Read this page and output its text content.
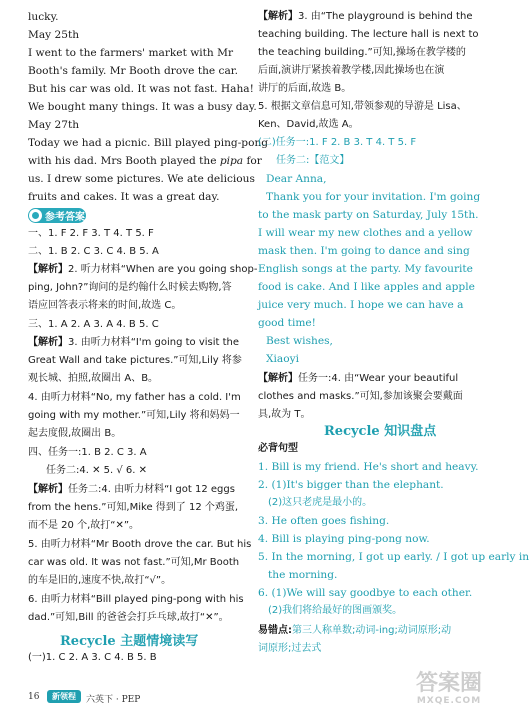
lucky.
May 25th
I went to the farmers' market with Mr
Booth's family. Mr Booth drove the car.
But his car was old. It was not fast. Haha!
We bought many things. It was a busy day.
May 27th
Today we had a picnic. Bill played ping-pong
with his dad. Mrs Booth played the pipa for
us. I drew some pictures. We ate delicious
fruits and cakes. It was a great day.
参考答案
一、1. F 2. F 3. T 4. T 5. F
二、1. B 2. C 3. C 4. B 5. A
【解析】2. 听力材料“When are you going shop-
ping, John?”询问的是约翰什么时候去购物,答
语应回答表示将来的时间,故选 C。
三、1. A 2. A 3. A 4. B 5. C
【解析】3. 由听力材料“I'm going to visit the
Great Wall and take pictures.”可知,Lily 将参
观长城、拍照,故圈出 A、B。
4. 由听力材料“No, my father has a cold. I'm
going with my mother.”可知,Lily 将和妈妈一
起去度假,故圈出 B。
四、任务一:1. B 2. C 3. A
任务二:4. ✕ 5. √ 6. ✕
【解析】任务二:4. 由听力材料“I got 12 eggs
from the hens.”可知,Mike 得到了 12 个鸡蛋,
而不是 20 个,故打“✕”。
5. 由听力材料“Mr Booth drove the car. But his
car was old. It was not fast.”可知,Mr Booth
的车是旧的,速度不快,故打“√”。
6. 由听力材料“Bill played ping-pong with his
dad.”可知,Bill 的爸爸会打乒乓球,故打“✕”。
Recycle 主题情境读写
(一)1. C 2. A 3. C 4. B 5. B
【解析】3. 由“The playground is behind the
teaching building. The lecture hall is next to
the teaching building.”可知,操场在教学楼的
后面,演讲厅紧挨着教学楼,因此操场也在演
讲厅的后面,故选 B。
5. 根据文章信息可知,带领参观的导游是 Lisa、
Ken、David,故选 A。
(二)任务一:1. F 2. B 3. T 4. T 5. F
任务二:【范文】
Dear Anna,
Thank you for your invitation. I'm going
to the mask party on Saturday, July 15th.
I will wear my new clothes and a yellow
mask then. I'm going to dance and sing
English songs at the party. My favourite
food is cake. And I like apples and apple
juice very much. I hope we can have a
good time!
Best wishes,
Xiaoyi
【解析】任务一:4. 由“Wear your beautiful
clothes and masks.”可知,参加该聚会要戴面
具,故为 T。
Recycle 知识盘点
必背句型
1. Bill is my friend. He's short and heavy.
2. (1)It's bigger than the elephant.
(2)这只老虎是最小的。
3. He often goes fishing.
4. Bill is playing ping-pong now.
5. In the morning, I got up early. / I got up early in
the morning.
6. (1)We will say goodbye to each other.
(2)我们将给最好的图画颁奖。
易错点:第三人称单数;动词-ing;动词原形;动
词原形;过去式
16	新领程	六英下 · PEP
答案圈
MXQE.COM
